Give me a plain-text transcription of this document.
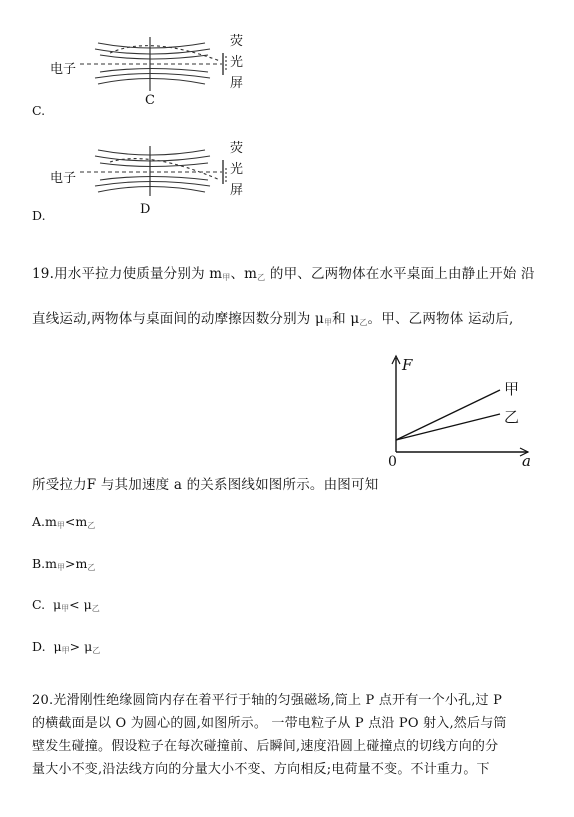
电子
荧
光
屏
C
C.
电子
荧
光
屏
D
D.
19.用水平拉力使质量分别为 $m_甲$、$m_乙$ 的甲、乙两物体在水平桌面上由静止开始 沿
直线运动,两物体与桌面间的动摩擦因数分别为 $\mu_甲$和 $\mu_乙$。甲、乙两物体 运动后,
F
a
0
甲
乙
所受拉力F 与其加速度 a 的关系图线如图所示。由图可知
$A.m_甲<m_乙$
$B.m_甲>m_乙$
C. $\mu_甲< \mu_乙$
D. $\mu_甲> \mu_乙$
20.光滑刚性绝缘圆筒内存在着平行于轴的匀强磁场,筒上 P 点开有一个小孔,过 P
的横截面是以 O 为圆心的圆,如图所示。 一带电粒子从 P 点沿 PO 射入,然后与筒
壁发生碰撞。假设粒子在每次碰撞前、后瞬间,速度沿圆上碰撞点的切线方向的分
量大小不变,沿法线方向的分量大小不变、方向相反;电荷量不变。不计重力。下
